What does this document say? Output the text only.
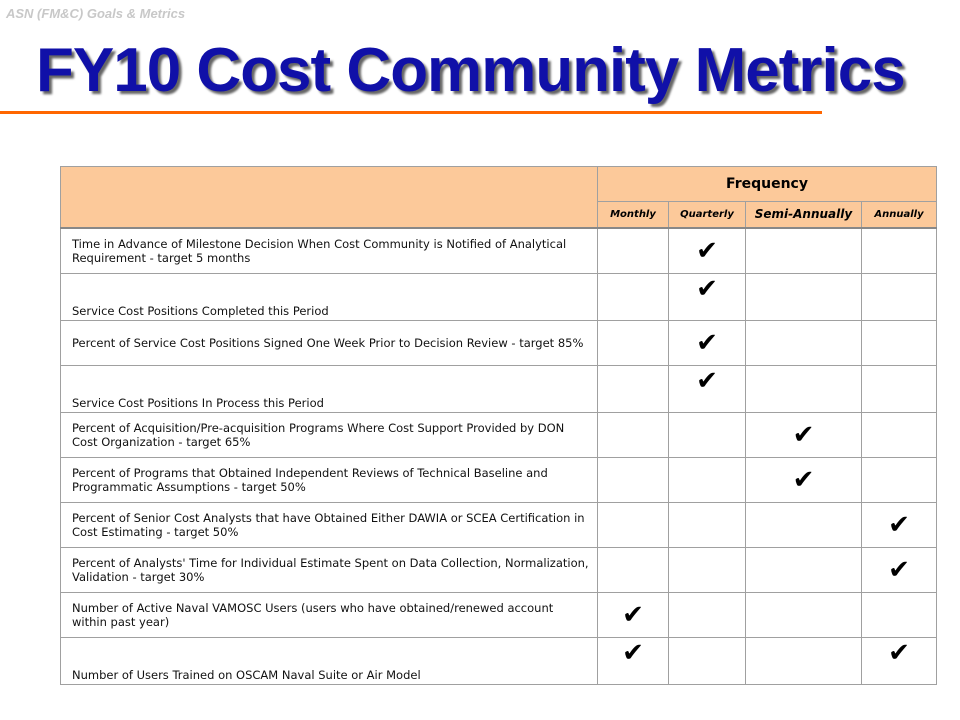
ASN (FM&C) Goals & Metrics
FY10 Cost Community Metrics
	Frequency			
	Monthly	Quarterly	Semi-Annually	Annually
Time in Advance of Milestone Decision When Cost Community is Notified of Analytical Requirement - target 5 months		✔		
Service Cost Positions Completed this Period		✔		
Percent of Service Cost Positions Signed One Week Prior to Decision Review - target 85%		✔		
Service Cost Positions In Process this Period		✔		
Percent of Acquisition/Pre-acquisition Programs Where Cost Support Provided by DON Cost Organization - target 65%			✔	
Percent of Programs that Obtained Independent Reviews of Technical Baseline and Programmatic Assumptions - target 50%			✔	
Percent of Senior Cost Analysts that have Obtained Either DAWIA or SCEA Certification in Cost Estimating - target 50%				✔
Percent of Analysts' Time for Individual Estimate Spent on Data Collection, Normalization, Validation - target 30%				✔
Number of Active Naval VAMOSC Users (users who have obtained/renewed account within past year)	✔			
Number of Users Trained on OSCAM Naval Suite or Air Model	✔			✔
